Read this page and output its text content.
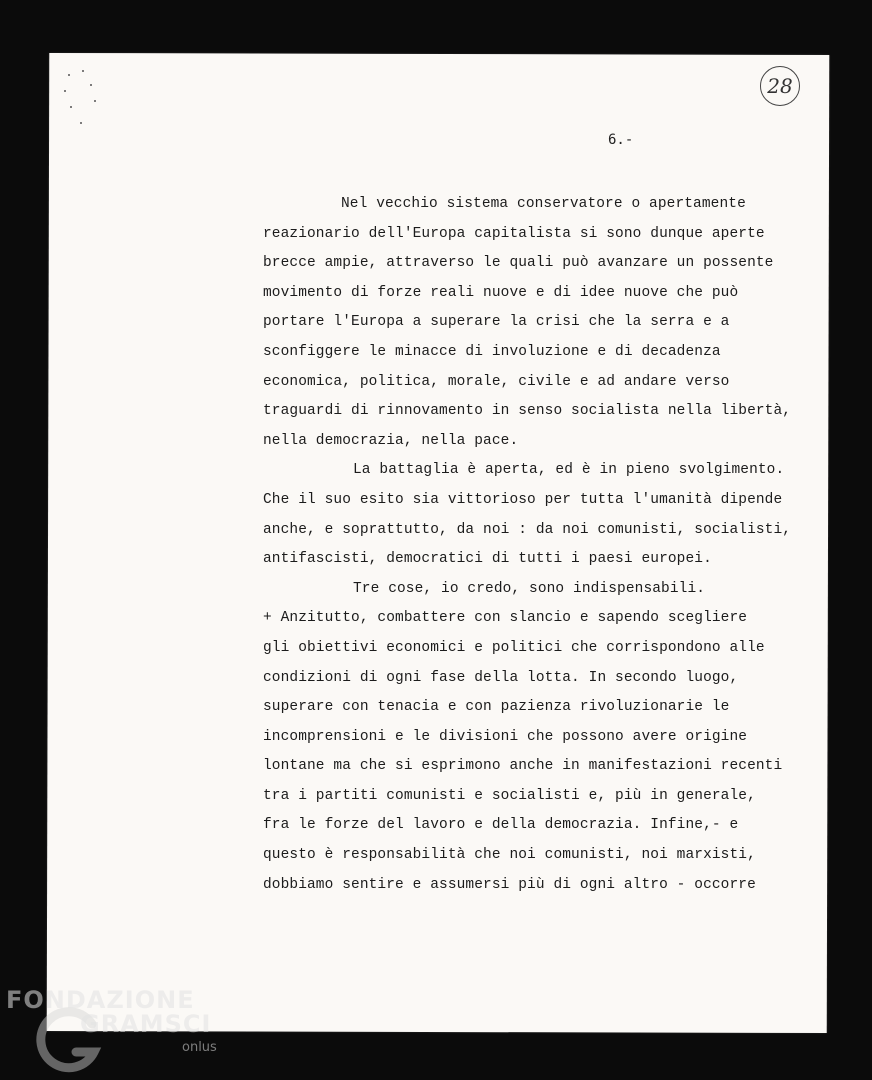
28
6.-
Nel vecchio sistema conservatore o apertamente
reazionario dell'Europa capitalista si sono dunque aperte
brecce ampie, attraverso le quali può avanzare un possente
movimento di forze reali nuove e di idee nuove che può
portare l'Europa a superare la crisi che la serra e a
sconfiggere le minacce di involuzione e di decadenza
economica, politica, morale, civile e ad andare verso
traguardi di rinnovamento in senso socialista nella libertà,
nella democrazia, nella pace.
La battaglia è aperta, ed è in pieno svolgimento.
Che il suo esito sia vittorioso per tutta l'umanità dipende
anche, e soprattutto, da noi : da noi comunisti, socialisti,
antifascisti, democratici di tutti i paesi europei.
Tre cose, io credo, sono indispensabili.
+ Anzitutto, combattere con slancio e sapendo scegliere
gli obiettivi economici e politici che corrispondono alle
condizioni di ogni fase della lotta. In secondo luogo,
superare con tenacia e con pazienza rivoluzionarie le
incomprensioni e le divisioni che possono avere origine
lontane ma che si esprimono anche in manifestazioni recenti
tra i partiti comunisti e socialisti e, più in generale,
fra le forze del lavoro e della democrazia. Infine,- e
questo è responsabilità che noi comunisti, noi marxisti,
dobbiamo sentire e assumersi più di ogni altro - occorre
FONDAZIONE
GRAMSCI
onlus
